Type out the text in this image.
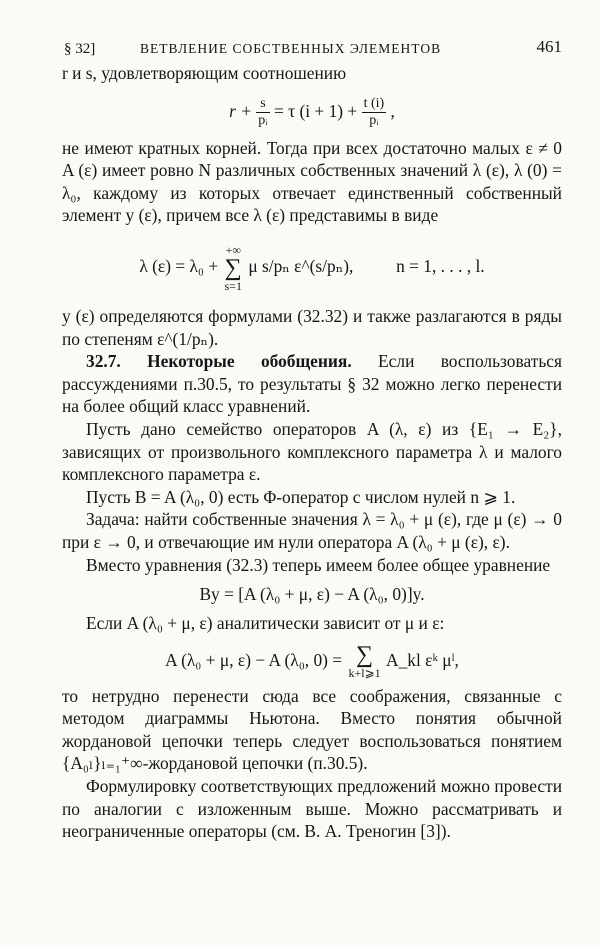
§ 32]	ВЕТВЛЕНИЕ СОБСТВЕННЫХ ЭЛЕМЕНТОВ	461

r и s, удовлетворяющим соотношению

$r + \frac{s}{\text{pᵢ}} = \tau$ $(i + 1) + \frac{t (i)}{\text{pᵢ}}$ ,

не имеют кратных корней. Тогда при всех достаточно малых ε ≠ 0 A (ε) имеет ровно N различных собственных значений λ (ε), λ (0) = λ₀, каждому из которых отвечает единственный собственный элемент y (ε), причем все λ (ε) представимы в виде

λ (ε) = λ₀ + +∞
∑
s=1 μ s/pₙ ε^(s/pₙ), n = 1, . . . , l.

y (ε) определяются формулами (32.32) и также разлагаются в ряды по степеням ε^(1/pₙ).

32.7. Некоторые обобщения. Если воспользоваться рассуждениями п.30.5, то результаты § 32 можно легко перенести на более общий класс уравнений.

Пусть дано семейство операторов A (λ, ε) из {E₁ → E₂}, зависящих от произвольного комплексного параметра λ и малого комплексного параметра ε.

Пусть B = A (λ₀, 0) есть Φ-оператор с числом нулей n ⩾ 1.

Задача: найти собственные значения λ = λ₀ + μ (ε), где μ (ε) → 0 при ε → 0, и отвечающие им нули оператора A (λ₀ + μ (ε), ε).

Вместо уравнения (32.3) теперь имеем более общее уравнение

By = [A (λ₀ + μ, ε) − A (λ₀, 0)]y.

Если A (λ₀ + μ, ε) аналитически зависит от μ и ε:

A (λ₀ + μ, ε) − A (λ₀, 0) = ∑
k+l⩾1 A_kl εᵏ μˡ,

то нетрудно перенести сюда все соображения, связанные с методом диаграммы Ньютона. Вместо понятия обычной жордановой цепочки теперь следует воспользоваться понятием {A₀ₗ}ₗ₌₁⁺∞-жордановой цепочки (п.30.5).

Формулировку соответствующих предложений можно провести по аналогии с изложенным выше. Можно рассматривать и неограниченные операторы (см. В. А. Треногин [3]).
